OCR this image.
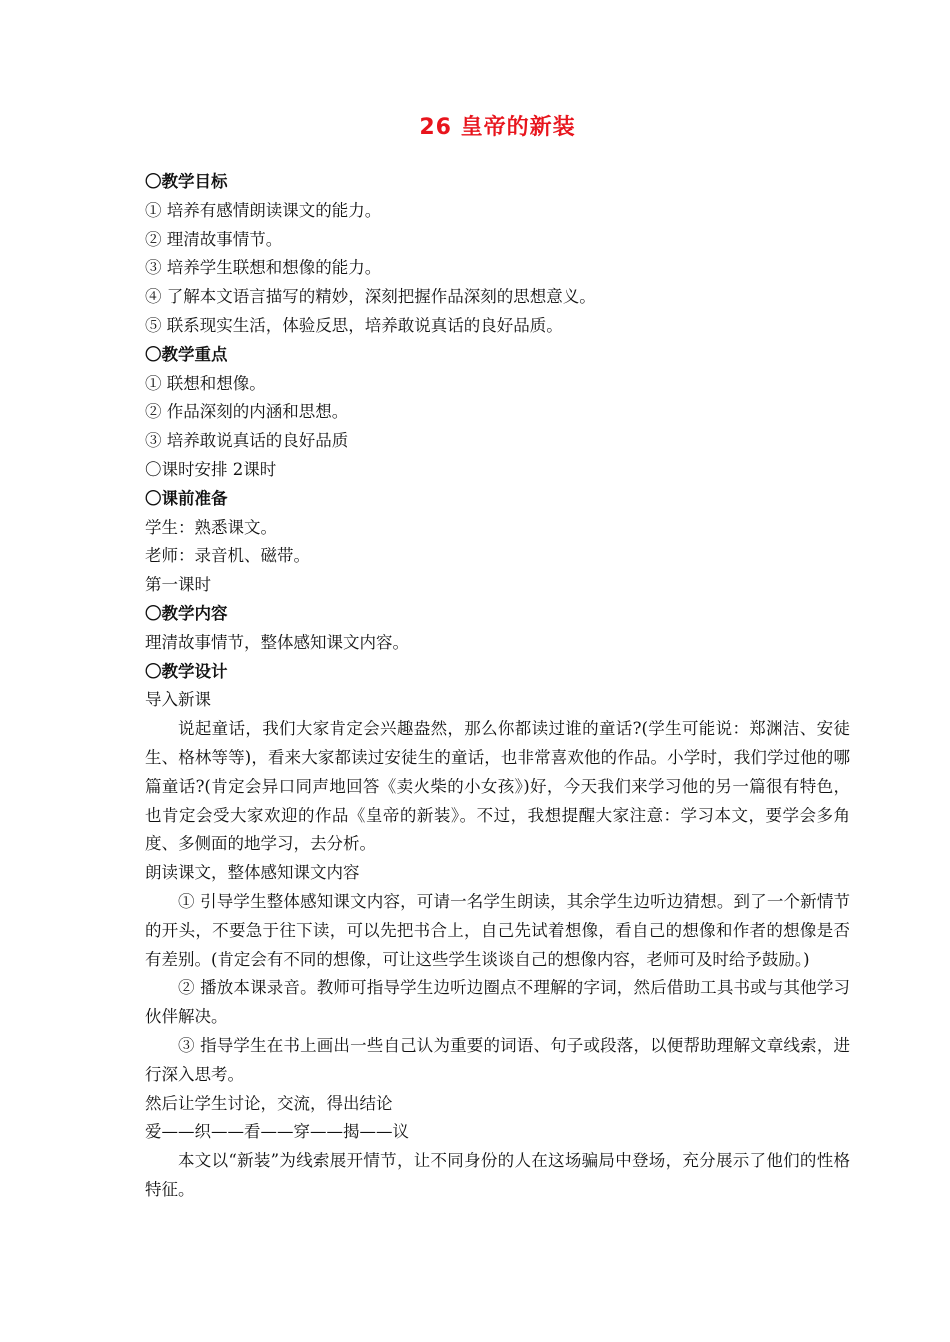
26 皇帝的新装
〇教学目标
① 培养有感情朗读课文的能力。
② 理清故事情节。
③ 培养学生联想和想像的能力。
④ 了解本文语言描写的精妙，深刻把握作品深刻的思想意义。
⑤ 联系现实生活，体验反思，培养敢说真话的良好品质。
〇教学重点
① 联想和想像。
② 作品深刻的内涵和思想。
③ 培养敢说真话的良好品质
〇课时安排 2课时
〇课前准备
学生：熟悉课文。
老师：录音机、磁带。
第一课时
〇教学内容
理清故事情节，整体感知课文内容。
〇教学设计
导入新课

说起童话，我们大家肯定会兴趣盎然，那么你都读过谁的童话?(学生可能说：郑渊洁、安徒生、格林等等)，看来大家都读过安徒生的童话，也非常喜欢他的作品。小学时，我们学过他的哪篇童话?(肯定会异口同声地回答《卖火柴的小女孩》)好，今天我们来学习他的另一篇很有特色，也肯定会受大家欢迎的作品《皇帝的新装》。不过，我想提醒大家注意：学习本文，要学会多角度、多侧面的地学习，去分析。

朗读课文，整体感知课文内容

① 引导学生整体感知课文内容，可请一名学生朗读，其余学生边听边猜想。到了一个新情节的开头，不要急于往下读，可以先把书合上，自己先试着想像，看自己的想像和作者的想像是否有差别。(肯定会有不同的想像，可让这些学生谈谈自己的想像内容，老师可及时给予鼓励。)

② 播放本课录音。教师可指导学生边听边圈点不理解的字词，然后借助工具书或与其他学习伙伴解决。

③ 指导学生在书上画出一些自己认为重要的词语、句子或段落，以便帮助理解文章线索，进行深入思考。

然后让学生讨论，交流，得出结论
爱——织——看——穿——揭——议

本文以“新装”为线索展开情节，让不同身份的人在这场骗局中登场，充分展示了他们的性格特征。
